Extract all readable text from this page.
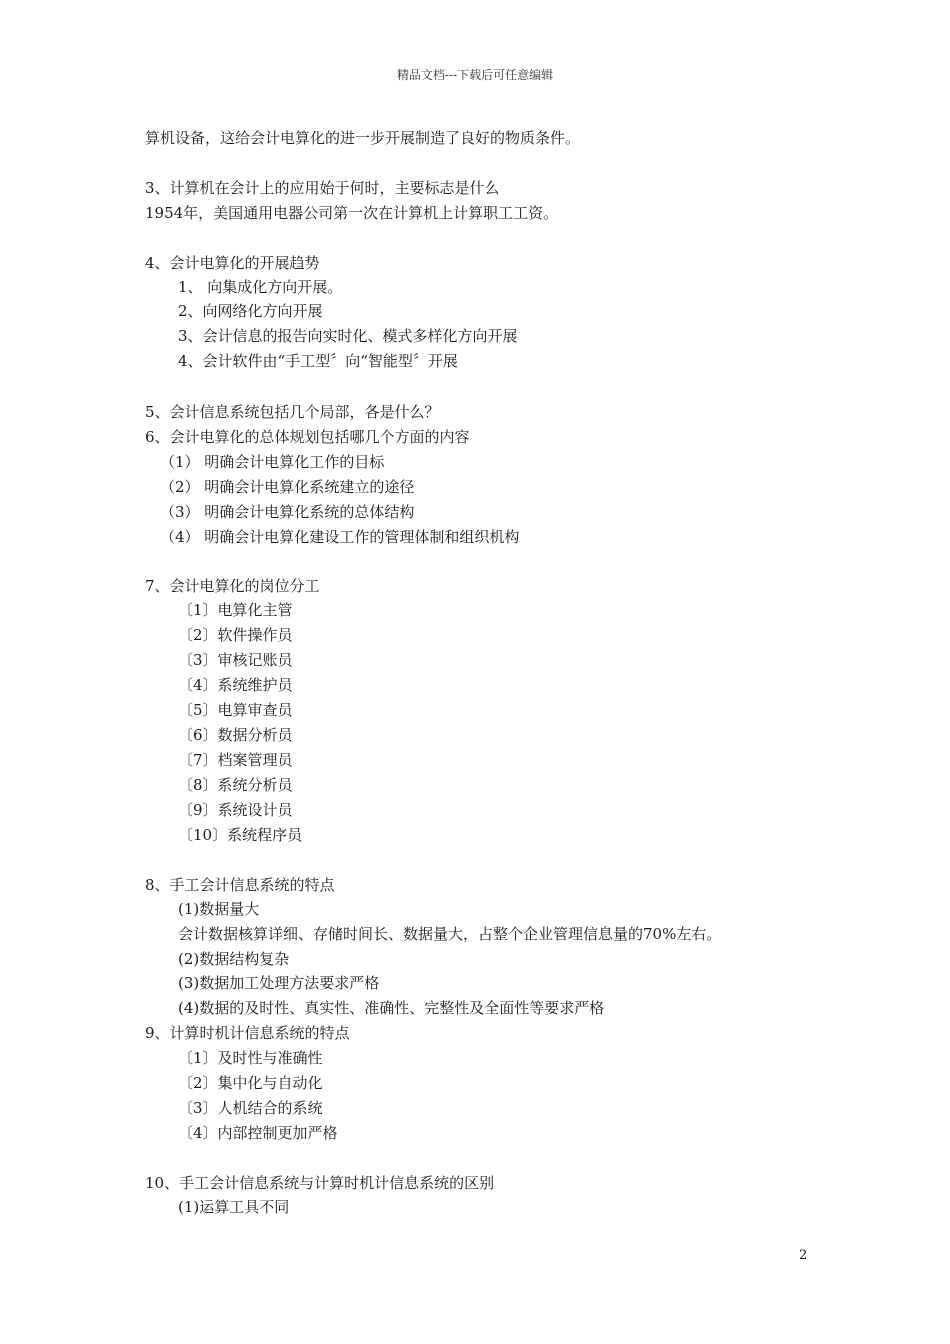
精品文档---下载后可任意编辑
算机设备，这给会计电算化的进一步开展制造了良好的物质条件。
3、计算机在会计上的应用始于何时，主要标志是什么
1954年，美国通用电器公司第一次在计算机上计算职工工资。
4、会计电算化的开展趋势
1、 向集成化方向开展。
2、向网络化方向开展
3、会计信息的报告向实时化、模式多样化方向开展
4、会计软件由“手工型〞向“智能型〞开展
5、会计信息系统包括几个局部，各是什么？
6、会计电算化的总体规划包括哪几个方面的内容
（1） 明确会计电算化工作的目标
（2） 明确会计电算化系统建立的途径
（3） 明确会计电算化系统的总体结构
（4） 明确会计电算化建设工作的管理体制和组织机构
7、会计电算化的岗位分工
〔1〕电算化主管
〔2〕软件操作员
〔3〕审核记账员
〔4〕系统维护员
〔5〕电算审查员
〔6〕数据分析员
〔7〕档案管理员
〔8〕系统分析员
〔9〕系统设计员
〔10〕系统程序员
8、手工会计信息系统的特点
(1)数据量大
会计数据核算详细、存储时间长、数据量大，占整个企业管理信息量的70%左右。
(2)数据结构复杂
(3)数据加工处理方法要求严格
(4)数据的及时性、真实性、准确性、完整性及全面性等要求严格
9、计算时机计信息系统的特点
〔1〕及时性与准确性
〔2〕集中化与自动化
〔3〕人机结合的系统
〔4〕内部控制更加严格
10、手工会计信息系统与计算时机计信息系统的区别
(1)运算工具不同
2
